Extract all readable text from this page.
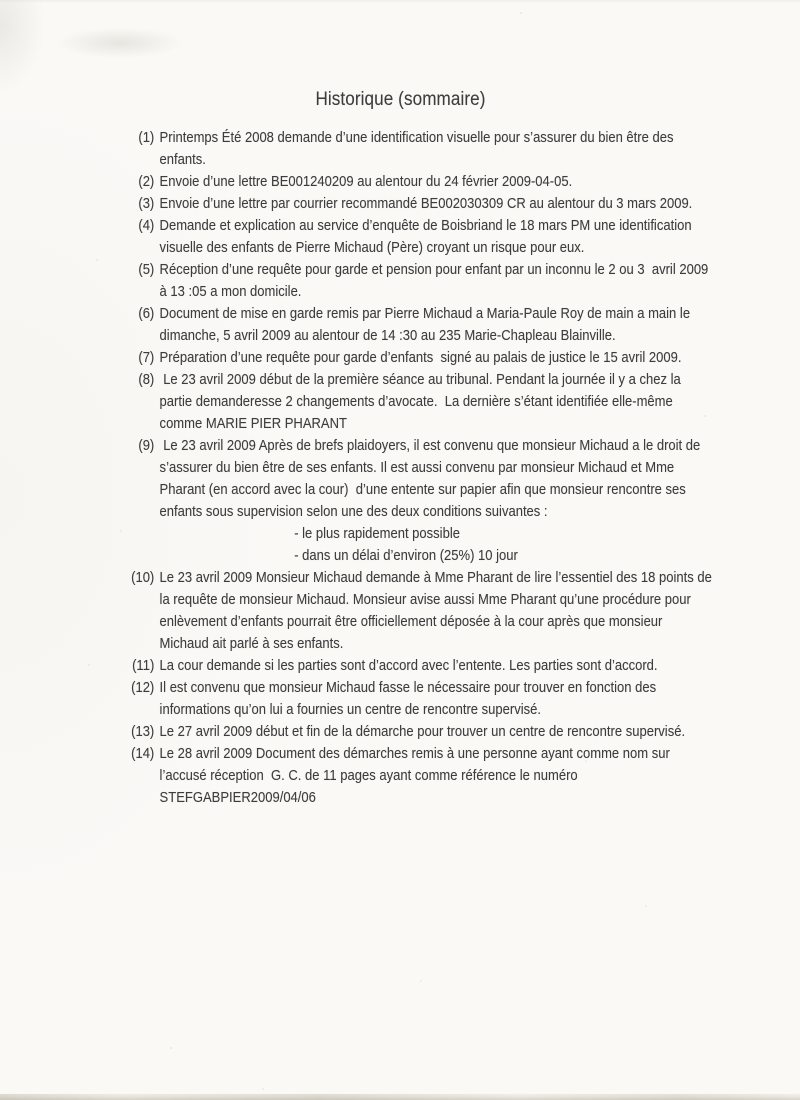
Historique (sommaire)
(1) Printemps Été 2008 demande d’une identification visuelle pour s’assurer du bien être des enfants.
(2) Envoie d’une lettre BE001240209 au alentour du 24 février 2009-04-05.
(3) Envoie d’une lettre par courrier recommandé BE002030309 CR au alentour du 3 mars 2009.
(4) Demande et explication au service d’enquête de Boisbriand le 18 mars PM une identification visuelle des enfants de Pierre Michaud (Père) croyant un risque pour eux.
(5) Réception d’une requête pour garde et pension pour enfant par un inconnu le 2 ou 3  avril 2009 à 13 :05 a mon domicile.
(6) Document de mise en garde remis par Pierre Michaud a Maria-Paule Roy de main a main le dimanche, 5 avril 2009 au alentour de 14 :30 au 235 Marie-Chapleau Blainville.
(7) Préparation d’une requête pour garde d’enfants  signé au palais de justice le 15 avril 2009.
(8) Le 23 avril 2009 début de la première séance au tribunal. Pendant la journée il y a chez la partie demanderesse 2 changements d’avocate.  La dernière s’étant identifiée elle-même comme MARIE PIER PHARANT
(9) Le 23 avril 2009 Après de brefs plaidoyers, il est convenu que monsieur Michaud a le droit de s’assurer du bien être de ses enfants. Il est aussi convenu par monsieur Michaud et Mme Pharant (en accord avec la cour)  d’une entente sur papier afin que monsieur rencontre ses enfants sous supervision selon une des deux conditions suivantes :
- le plus rapidement possible
- dans un délai d’environ (25%) 10 jour
(10) Le 23 avril 2009 Monsieur Michaud demande à Mme Pharant de lire l’essentiel des 18 points de la requête de monsieur Michaud. Monsieur avise aussi Mme Pharant qu’une procédure pour enlèvement d’enfants pourrait être officiellement déposée à la cour après que monsieur Michaud ait parlé à ses enfants.
(11) La cour demande si les parties sont d’accord avec l’entente. Les parties sont d’accord.
(12) Il est convenu que monsieur Michaud fasse le nécessaire pour trouver en fonction des informations qu’on lui a fournies un centre de rencontre supervisé.
(13) Le 27 avril 2009 début et fin de la démarche pour trouver un centre de rencontre supervisé.
(14) Le 28 avril 2009 Document des démarches remis à une personne ayant comme nom sur l’accusé réception  G. C. de 11 pages ayant comme référence le numéro STEFGABPIER2009/04/06
